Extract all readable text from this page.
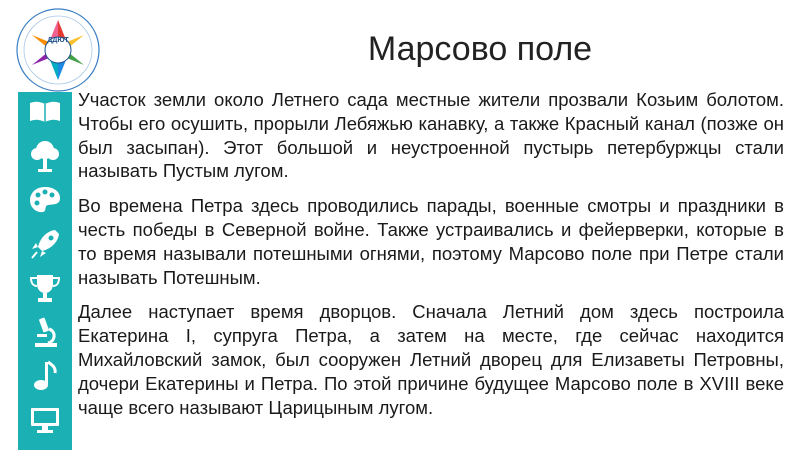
ДДЮТ	Марсово поле

Участок земли около Летнего сада местные жители прозвали Козьим болотом. Чтобы его осушить, прорыли Лебяжью канавку, а также Красный канал (позже он был засыпан). Этот большой и неустроенной пустырь петербуржцы стали называть Пустым лугом.

Во времена Петра здесь проводились парады, военные смотры и праздники в честь победы в Северной войне. Также устраивались и фейерверки, которые в то время называли потешными огнями, поэтому Марсово поле при Петре стали называть Потешным.

Далее наступает время дворцов. Сначала Летний дом здесь построила Екатерина I, супруга Петра, а затем на месте, где сейчас находится Михайловский замок, был сооружен Летний дворец для Елизаветы Петровны, дочери Екатерины и Петра. По этой причине будущее Марсово поле в XVIII веке чаще всего называют Царицыным лугом.
